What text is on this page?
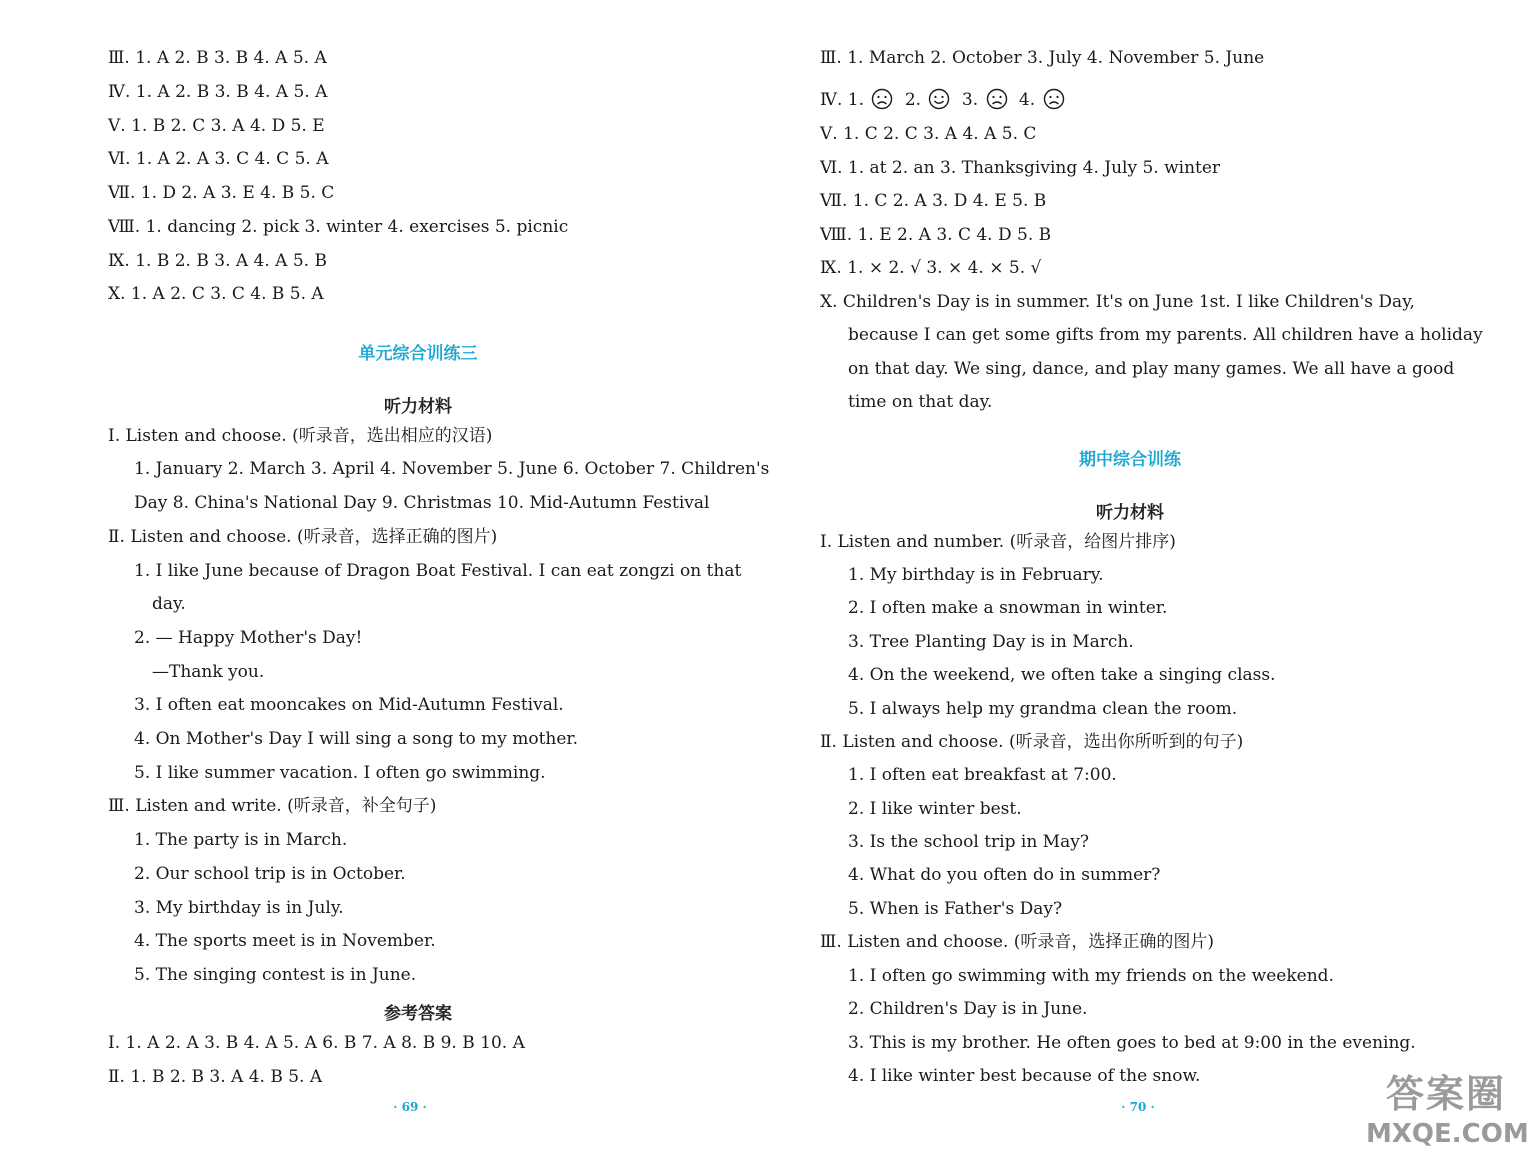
Ⅲ. 1. A 2. B 3. B 4. A 5. A
Ⅳ. 1. A 2. B 3. B 4. A 5. A
Ⅴ. 1. B 2. C 3. A 4. D 5. E
Ⅵ. 1. A 2. A 3. C 4. C 5. A
Ⅶ. 1. D 2. A 3. E 4. B 5. C
Ⅷ. 1. dancing 2. pick 3. winter 4. exercises 5. picnic
Ⅸ. 1. B 2. B 3. A 4. A 5. B
Ⅹ. 1. A 2. C 3. C 4. B 5. A
单元综合训练三
听力材料
Ⅰ. Listen and choose. (听录音，选出相应的汉语)
1. January 2. March 3. April 4. November 5. June 6. October 7. Children's
Day 8. China's National Day 9. Christmas 10. Mid-Autumn Festival
Ⅱ. Listen and choose. (听录音，选择正确的图片)
1. I like June because of Dragon Boat Festival. I can eat zongzi on that
day.
2. — Happy Mother's Day!
—Thank you.
3. I often eat mooncakes on Mid-Autumn Festival.
4. On Mother's Day I will sing a song to my mother.
5. I like summer vacation. I often go swimming.
Ⅲ. Listen and write. (听录音，补全句子)
1. The party is in March.
2. Our school trip is in October.
3. My birthday is in July.
4. The sports meet is in November.
5. The singing contest is in June.
参考答案
Ⅰ. 1. A 2. A 3. B 4. A 5. A 6. B 7. A 8. B 9. B 10. A
Ⅱ. 1. B 2. B 3. A 4. B 5. A
· 69 ·
Ⅲ. 1. March 2. October 3. July 4. November 5. June
Ⅳ. 1. 2. 3. 4.
Ⅴ. 1. C 2. C 3. A 4. A 5. C
Ⅵ. 1. at 2. an 3. Thanksgiving 4. July 5. winter
Ⅶ. 1. C 2. A 3. D 4. E 5. B
Ⅷ. 1. E 2. A 3. C 4. D 5. B
Ⅸ. 1. × 2. √ 3. × 4. × 5. √
Ⅹ. Children's Day is in summer. It's on June 1st. I like Children's Day,
because I can get some gifts from my parents. All children have a holiday
on that day. We sing, dance, and play many games. We all have a good
time on that day.
期中综合训练
听力材料
Ⅰ. Listen and number. (听录音，给图片排序)
1. My birthday is in February.
2. I often make a snowman in winter.
3. Tree Planting Day is in March.
4. On the weekend, we often take a singing class.
5. I always help my grandma clean the room.
Ⅱ. Listen and choose. (听录音，选出你所听到的句子)
1. I often eat breakfast at 7:00.
2. I like winter best.
3. Is the school trip in May?
4. What do you often do in summer?
5. When is Father's Day?
Ⅲ. Listen and choose. (听录音，选择正确的图片)
1. I often go swimming with my friends on the weekend.
2. Children's Day is in June.
3. This is my brother. He often goes to bed at 9:00 in the evening.
4. I like winter best because of the snow.
· 70 ·	答案圈
MXQE.COM
